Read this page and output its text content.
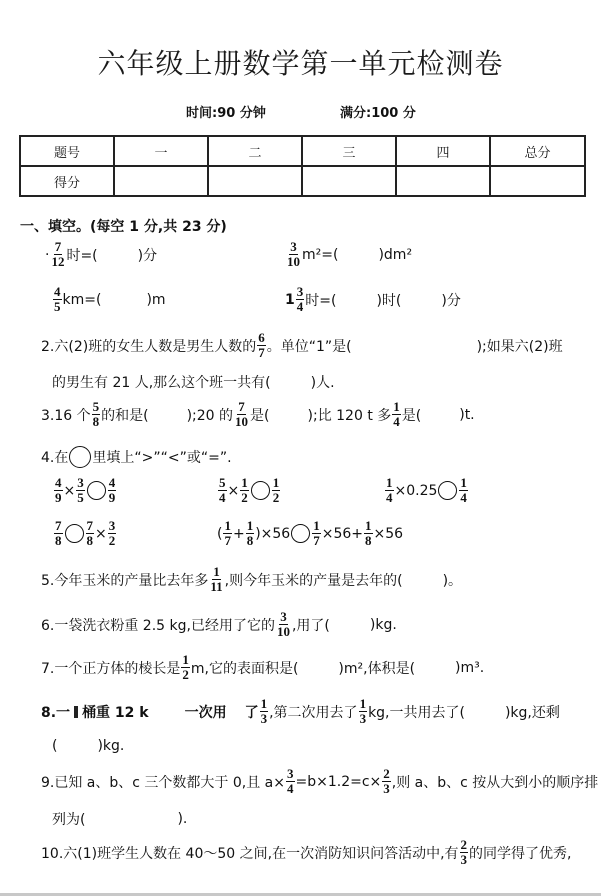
六年级上册数学第一单元检测卷
时间:90 分钟	满分:100 分
题号	一	二	三	四	总分
得分					
一、填空。(每空 1 分,共 23 分)
· $\frac{7}{12}$ 时=(	)分	$\frac{3}{10} m^2=$(	)dm²
$\frac{4}{5} km=$(	)m	$1 \frac{3}{4}$ 时=(	)时(	)分
2.六(2)班的女生人数是男生人数的 $\frac{6}{7}$ 。单位“1”是(	);如果六(2)班
的男生有 21 人,那么这个班一共有(	)人.
3.16 个 $\frac{5}{8}$ 的和是(	);20 的 $\frac{7}{10}$ 是(	);比 120 t 多 $\frac{1}{4}$ 是(	)t.
4.在 里填上“>”“<”或“=”.
$\frac{4}{9} \times \frac{3}{5} \frac{4}{9}$	$\frac{5}{4} \times \frac{1}{2} \frac{1}{2}$	$\frac{1}{4} \times 0.25 \frac{1}{4}$
$\frac{7}{8} \frac{7}{8} \times \frac{3}{2}$	( $\frac{1}{7} + \frac{1}{8} )\times 56 \frac{1}{7} \times 56+ \frac{1}{8} \times 56$
5.今年玉米的产量比去年多 $\frac{1}{11}$ ,则今年玉米的产量是去年的(	)。
6.一袋洗衣粉重 2.5 kg,已经用了它的 $\frac{3}{10}$ ,用了(	)kg.
7.一个正方体的棱长是 $\frac{1}{2} m$,它的表面积是(	)m²,体积是(	)m³.
8.一 桶重 12 k	一次用 了 $\frac{1}{3}$ ,第二次用去了 $\frac{1}{3}$ kg,一共用去了(	)kg,还剩
(	)kg.
9.已知 a、b、c 三个数都大于 0,且 $a\times \frac{3}{4} =b\times 1.2=c\times \frac{2}{3}$ ,则 a、b、c 按从大到小的顺序排
列为(	).
10.六(1)班学生人数在 40～50 之间,在一次消防知识问答活动中,有 $\frac{2}{3}$ 的同学得了优秀,
